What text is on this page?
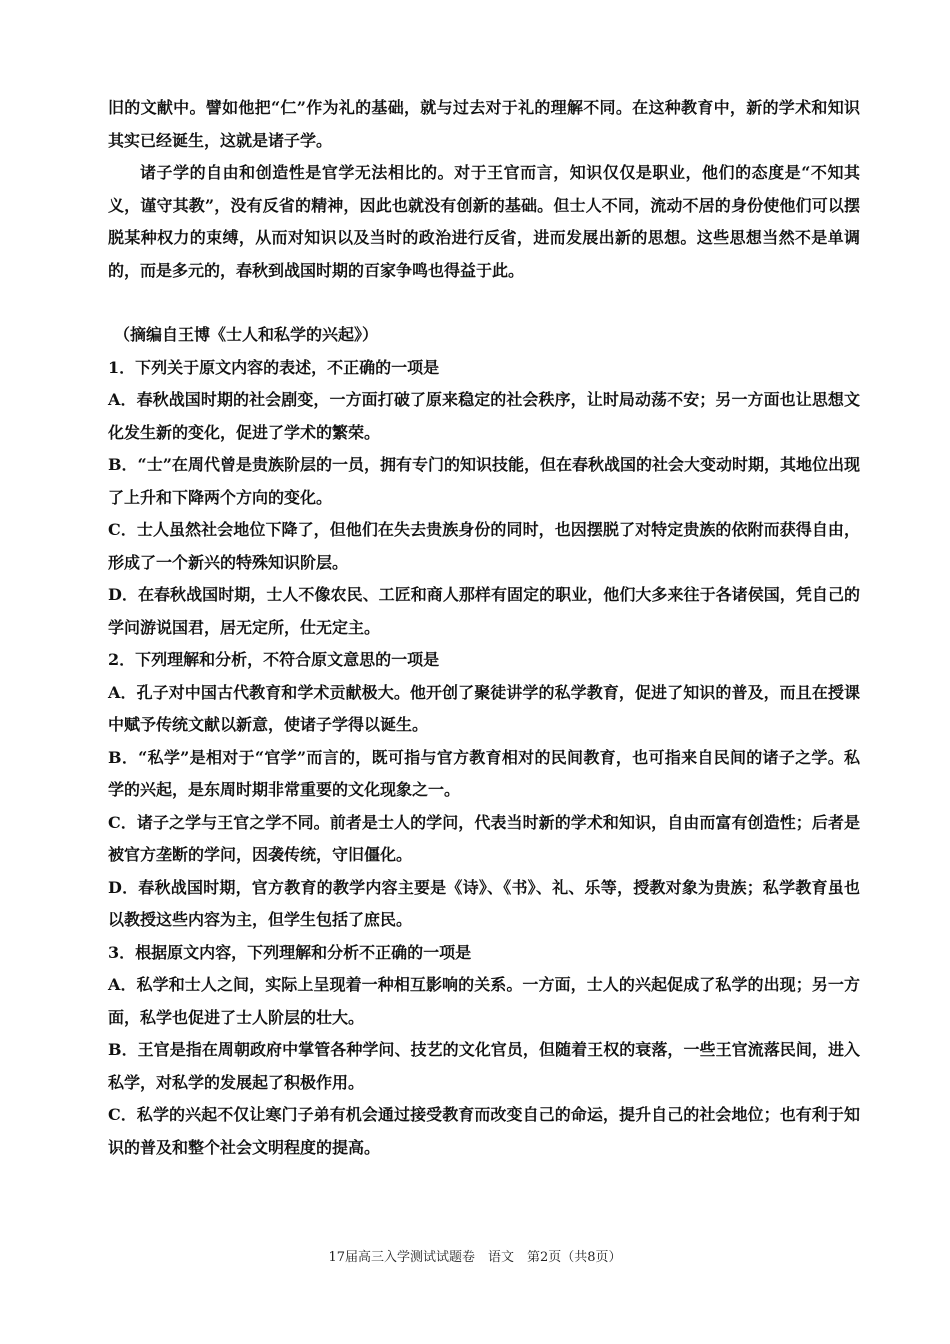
旧的文献中。譬如他把“仁”作为礼的基础，就与过去对于礼的理解不同。在这种教育中，新的学术和知识其实已经诞生，这就是诸子学。

诸子学的自由和创造性是官学无法相比的。对于王官而言，知识仅仅是职业，他们的态度是“不知其义，谨守其教”，没有反省的精神，因此也就没有创新的基础。但士人不同，流动不居的身份使他们可以摆脱某种权力的束缚，从而对知识以及当时的政治进行反省，进而发展出新的思想。这些思想当然不是单调的，而是多元的，春秋到战国时期的百家争鸣也得益于此。

（摘编自王博《士人和私学的兴起》）

1．下列关于原文内容的表述，不正确的一项是

A．春秋战国时期的社会剧变，一方面打破了原来稳定的社会秩序，让时局动荡不安；另一方面也让思想文化发生新的变化，促进了学术的繁荣。

B．“士”在周代曾是贵族阶层的一员，拥有专门的知识技能，但在春秋战国的社会大变动时期，其地位出现了上升和下降两个方向的变化。

C．士人虽然社会地位下降了，但他们在失去贵族身份的同时，也因摆脱了对特定贵族的依附而获得自由，形成了一个新兴的特殊知识阶层。

D．在春秋战国时期，士人不像农民、工匠和商人那样有固定的职业，他们大多来往于各诸侯国，凭自己的学问游说国君，居无定所，仕无定主。

2．下列理解和分析，不符合原文意思的一项是

A．孔子对中国古代教育和学术贡献极大。他开创了聚徒讲学的私学教育，促进了知识的普及，而且在授课中赋予传统文献以新意，使诸子学得以诞生。

B．“私学”是相对于“官学”而言的，既可指与官方教育相对的民间教育，也可指来自民间的诸子之学。私学的兴起，是东周时期非常重要的文化现象之一。

C．诸子之学与王官之学不同。前者是士人的学问，代表当时新的学术和知识，自由而富有创造性；后者是被官方垄断的学问，因袭传统，守旧僵化。

D．春秋战国时期，官方教育的教学内容主要是《诗》、《书》、礼、乐等，授教对象为贵族；私学教育虽也以教授这些内容为主，但学生包括了庶民。

3．根据原文内容，下列理解和分析不正确的一项是

A．私学和士人之间，实际上呈现着一种相互影响的关系。一方面，士人的兴起促成了私学的出现；另一方面，私学也促进了士人阶层的壮大。

B．王官是指在周朝政府中掌管各种学问、技艺的文化官员，但随着王权的衰落，一些王官流落民间，进入私学，对私学的发展起了积极作用。

C．私学的兴起不仅让寒门子弟有机会通过接受教育而改变自己的命运，提升自己的社会地位；也有利于知识的普及和整个社会文明程度的提高。

17届高三入学测试试题卷　语文　第2页（共8页）
